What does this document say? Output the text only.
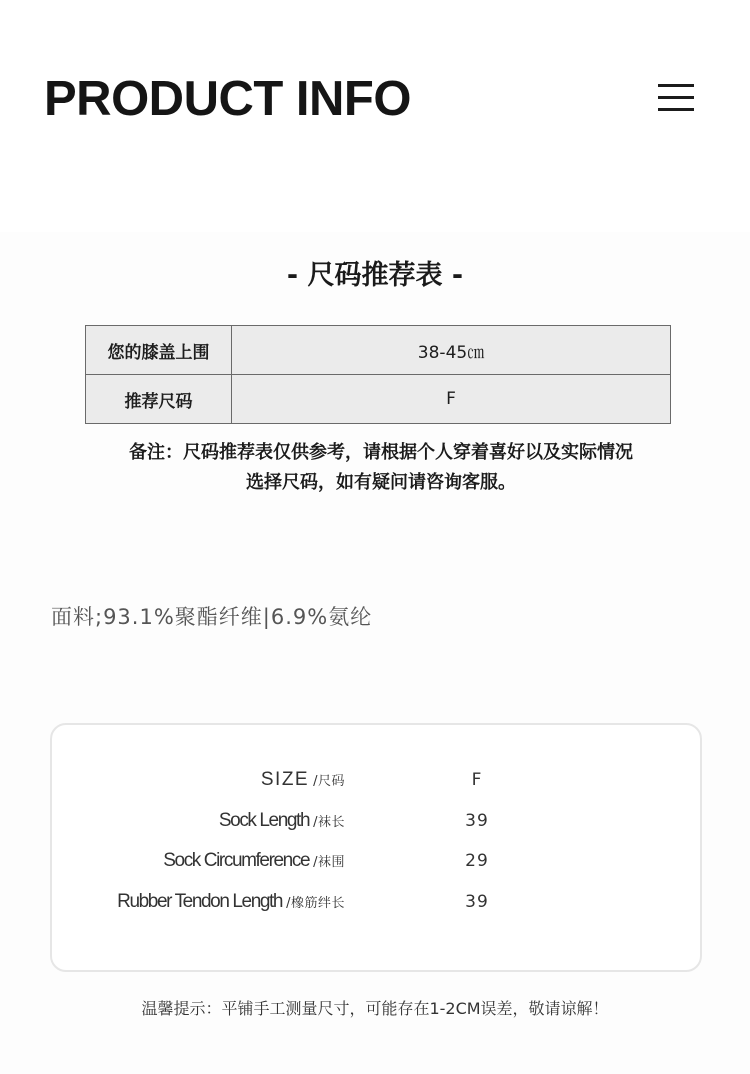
PRODUCT INFO
- 尺码推荐表 -
您的膝盖上围	38-45㎝
推荐尺码	F

备注：尺码推荐表仅供参考，请根据个人穿着喜好以及实际情况

选择尺码，如有疑问请咨询客服。

面料;93.1%聚酯纤维|6.9%氨纶
SIZE /尺码	F
Sock Length /袜长	39
Sock Circumference /袜围	29
Rubber Tendon Length /橡筋绊长	39
温馨提示：平铺手工测量尺寸，可能存在1-2CM误差，敬请谅解！
